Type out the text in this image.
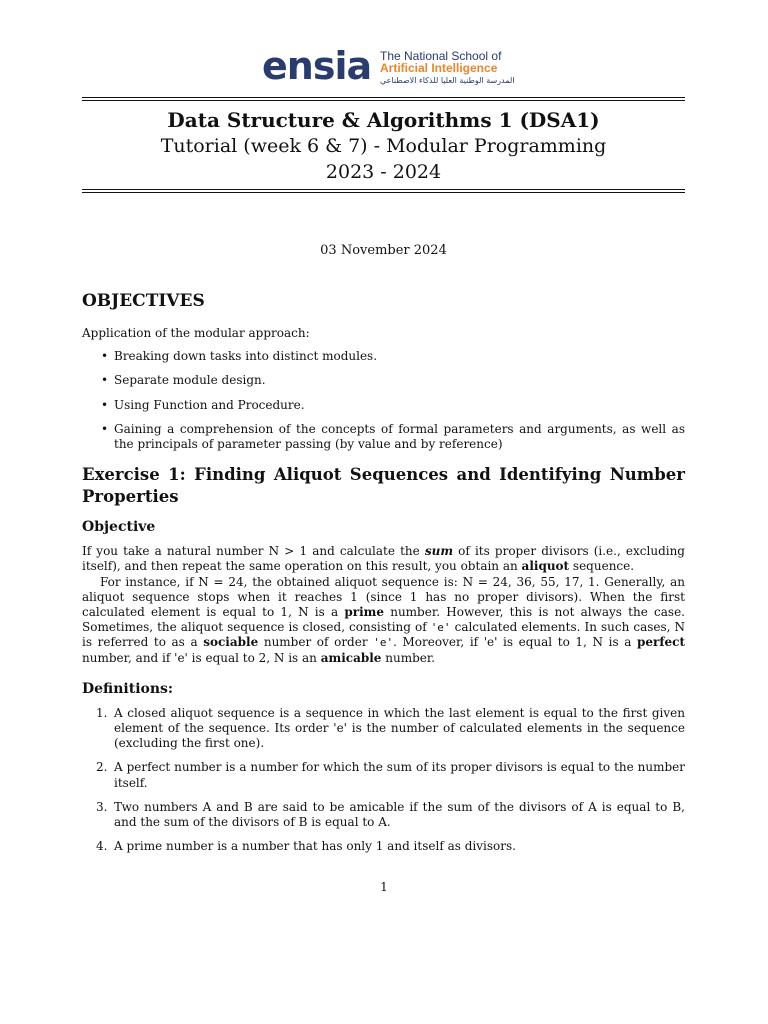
ensia The National School of
Artificial Intelligence
المدرسة الوطنية العليا للذكاء الاصطناعي
Data Structure & Algorithms 1 (DSA1)
Tutorial (week 6 & 7) - Modular Programming
2023 - 2024
03 November 2024
OBJECTIVES

Application of the modular approach:

• Breaking down tasks into distinct modules.
• Separate module design.
• Using Function and Procedure.
• Gaining a comprehension of the concepts of formal parameters and arguments, as well as the principals of parameter passing (by value and by reference)
Exercise 1: Finding Aliquot Sequences and Identifying Number Properties
Objective

If you take a natural number N > 1 and calculate the sum of its proper divisors (i.e., excluding itself), and then repeat the same operation on this result, you obtain an aliquot sequence.

For instance, if N = 24, the obtained aliquot sequence is: N = 24, 36, 55, 17, 1. Generally, an aliquot sequence stops when it reaches 1 (since 1 has no proper divisors). When the first calculated element is equal to 1, N is a prime number. However, this is not always the case. Sometimes, the aliquot sequence is closed, consisting of 'e' calculated elements. In such cases, N is referred to as a sociable number of order 'e'. Moreover, if 'e' is equal to 1, N is a perfect number, and if 'e' is equal to 2, N is an amicable number.

Definitions:
1. A closed aliquot sequence is a sequence in which the last element is equal to the first given element of the sequence. Its order 'e' is the number of calculated elements in the sequence (excluding the first one).
2. A perfect number is a number for which the sum of its proper divisors is equal to the number itself.
3. Two numbers A and B are said to be amicable if the sum of the divisors of A is equal to B, and the sum of the divisors of B is equal to A.
4. A prime number is a number that has only 1 and itself as divisors.
1
